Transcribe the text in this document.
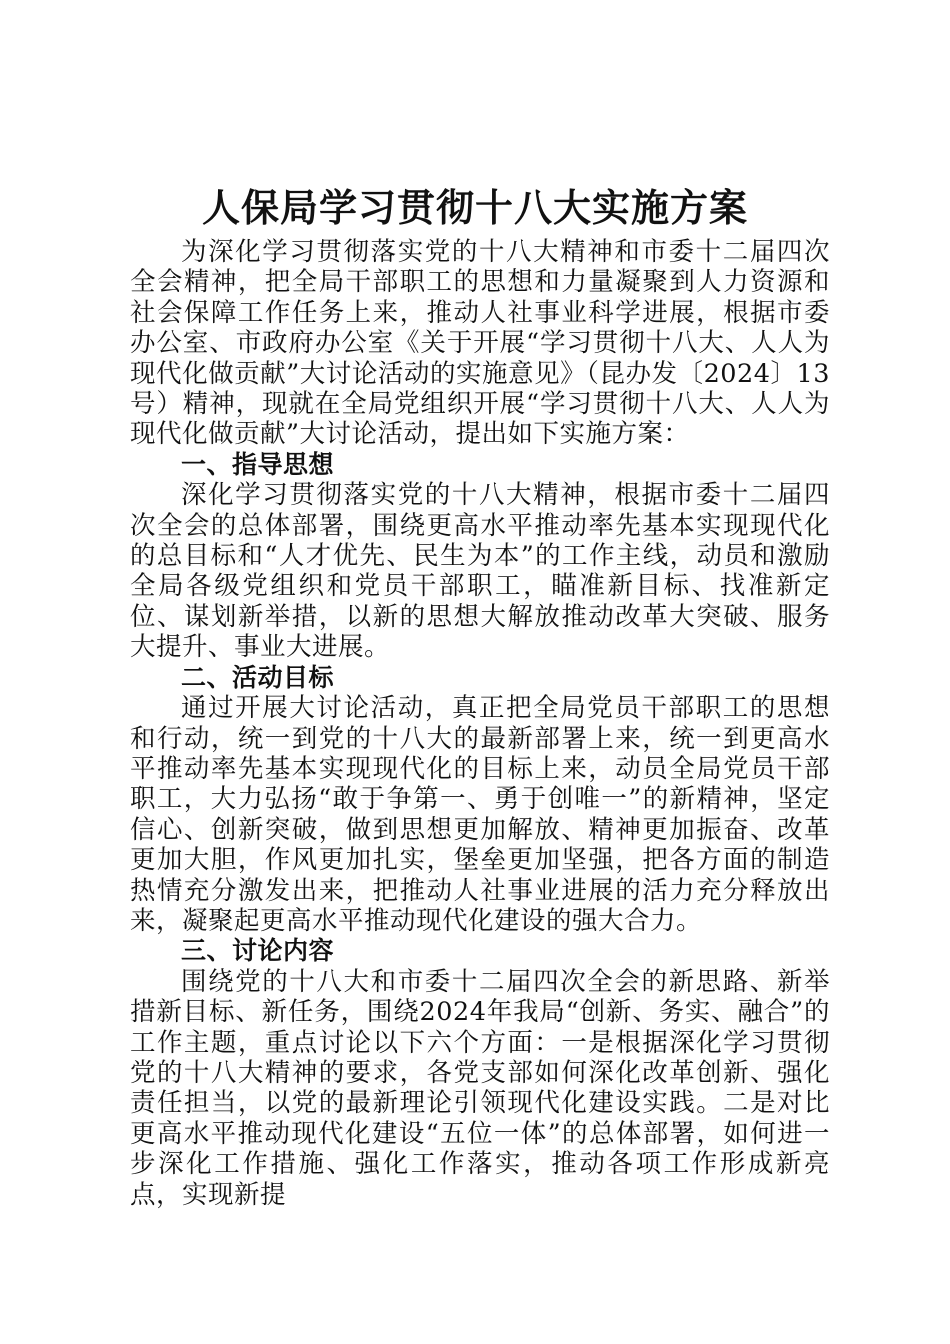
人保局学习贯彻十八大实施方案

为深化学习贯彻落实党的十八大精神和市委十二届四次全会精神，把全局干部职工的思想和力量凝聚到人力资源和社会保障工作任务上来，推动人社事业科学进展，根据市委办公室、市政府办公室《关于开展“学习贯彻十八大、人人为现代化做贡献”大讨论活动的实施意见》（昆办发〔2024〕13号）精神，现就在全局党组织开展“学习贯彻十八大、人人为现代化做贡献”大讨论活动，提出如下实施方案：

一、指导思想

深化学习贯彻落实党的十八大精神，根据市委十二届四次全会的总体部署，围绕更高水平推动率先基本实现现代化的总目标和“人才优先、民生为本”的工作主线，动员和激励全局各级党组织和党员干部职工，瞄准新目标、找准新定位、谋划新举措，以新的思想大解放推动改革大突破、服务大提升、事业大进展。

二、活动目标

通过开展大讨论活动，真正把全局党员干部职工的思想和行动，统一到党的十八大的最新部署上来，统一到更高水平推动率先基本实现现代化的目标上来，动员全局党员干部职工，大力弘扬“敢于争第一、勇于创唯一”的新精神，坚定信心、创新突破，做到思想更加解放、精神更加振奋、改革更加大胆，作风更加扎实，堡垒更加坚强，把各方面的制造热情充分激发出来，把推动人社事业进展的活力充分释放出来，凝聚起更高水平推动现代化建设的强大合力。

三、讨论内容

围绕党的十八大和市委十二届四次全会的新思路、新举措新目标、新任务，围绕2024年我局“创新、务实、融合”的工作主题，重点讨论以下六个方面：一是根据深化学习贯彻党的十八大精神的要求，各党支部如何深化改革创新、强化责任担当，以党的最新理论引领现代化建设实践。二是对比更高水平推动现代化建设“五位一体”的总体部署，如何进一步深化工作措施、强化工作落实，推动各项工作形成新亮点，实现新提
